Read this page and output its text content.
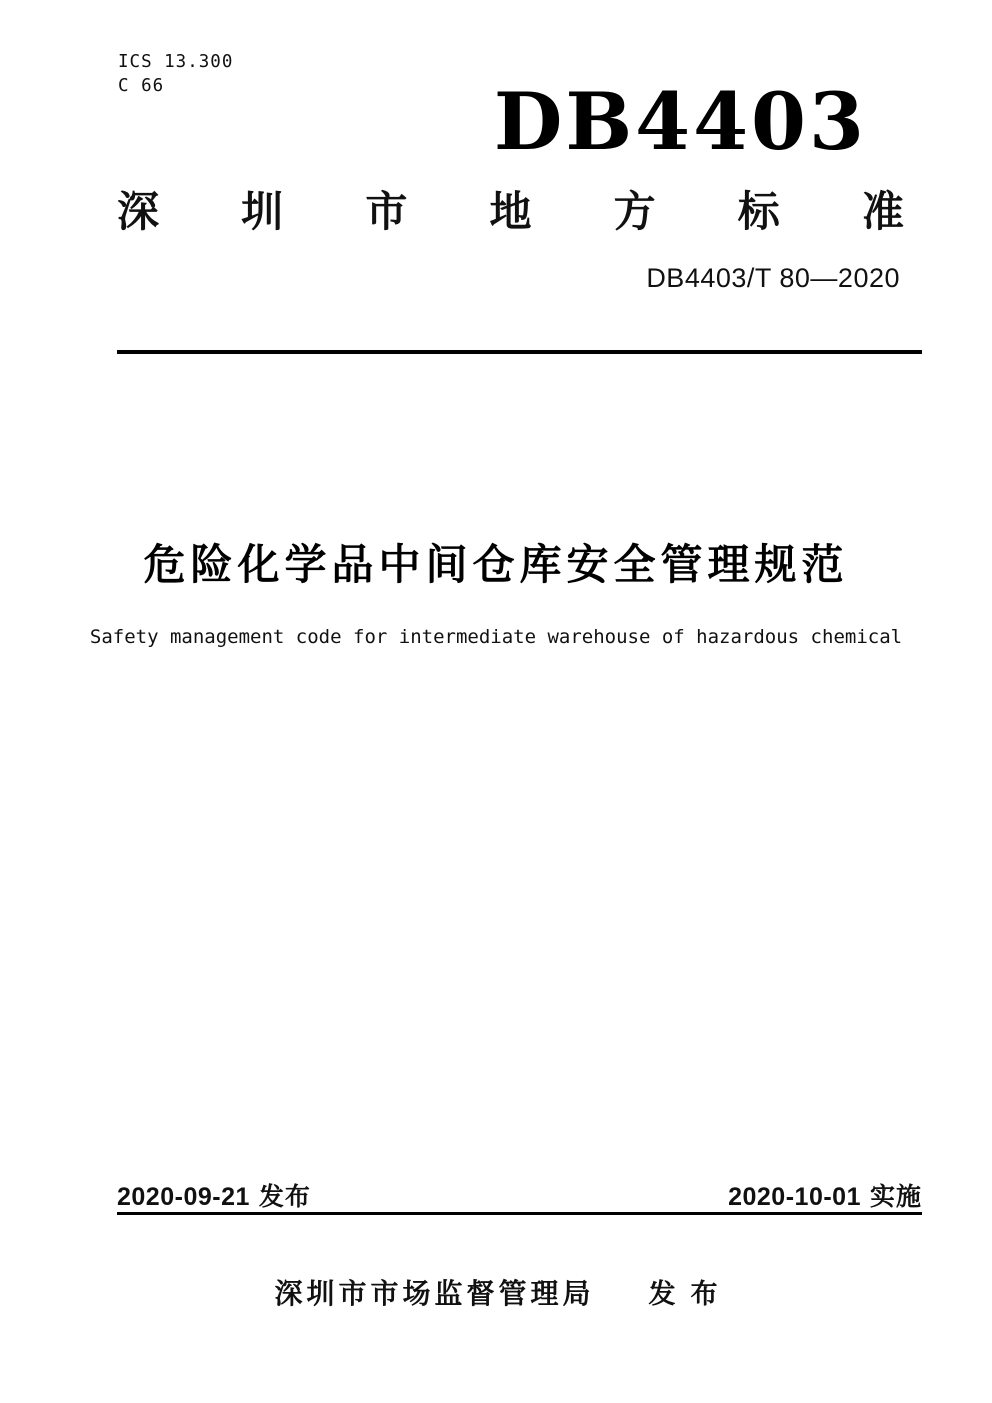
ICS 13.300
C 66	DB4403
深 圳 市 地 方 标 准
DB4403/T 80—2020
危险化学品中间仓库安全管理规范
Safety management code for intermediate warehouse of hazardous chemical
2020-09-21 发布	2020-10-01 实施
深圳市市场监督管理局 发布
